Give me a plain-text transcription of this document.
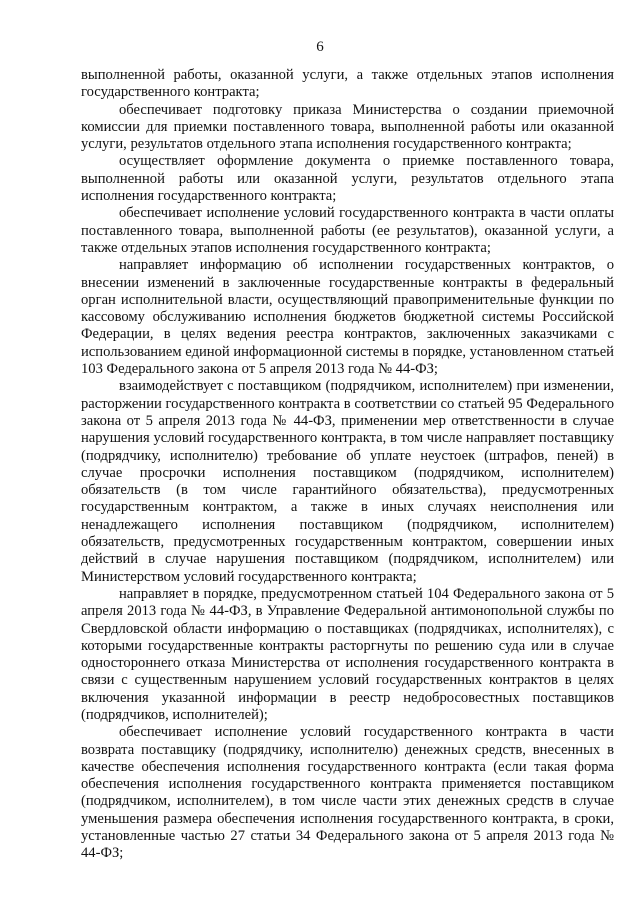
6

выполненной работы, оказанной услуги, а также отдельных этапов исполнения государственного контракта;

обеспечивает подготовку приказа Министерства о создании приемочной комиссии для приемки поставленного товара, выполненной работы или оказанной услуги, результатов отдельного этапа исполнения государственного контракта;

осуществляет оформление документа о приемке поставленного товара, выполненной работы или оказанной услуги, результатов отдельного этапа исполнения государственного контракта;

обеспечивает исполнение условий государственного контракта в части оплаты поставленного товара, выполненной работы (ее результатов), оказанной услуги, а также отдельных этапов исполнения государственного контракта;

направляет информацию об исполнении государственных контрактов, о внесении изменений в заключенные государственные контракты в федеральный орган исполнительной власти, осуществляющий правоприменительные функции по кассовому обслуживанию исполнения бюджетов бюджетной системы Российской Федерации, в целях ведения реестра контрактов, заключенных заказчиками с использованием единой информационной системы в порядке, установленном статьей 103 Федерального закона от 5 апреля 2013 года № 44-ФЗ;

взаимодействует с поставщиком (подрядчиком, исполнителем) при изменении, расторжении государственного контракта в соответствии со статьей 95 Федерального закона от 5 апреля 2013 года № 44-ФЗ, применении мер ответственности в случае нарушения условий государственного контракта, в том числе направляет поставщику (подрядчику, исполнителю) требование об уплате неустоек (штрафов, пеней) в случае просрочки исполнения поставщиком (подрядчиком, исполнителем) обязательств (в том числе гарантийного обязательства), предусмотренных государственным контрактом, а также в иных случаях неисполнения или ненадлежащего исполнения поставщиком (подрядчиком, исполнителем) обязательств, предусмотренных государственным контрактом, совершении иных действий в случае нарушения поставщиком (подрядчиком, исполнителем) или Министерством условий государственного контракта;

направляет в порядке, предусмотренном статьей 104 Федерального закона от 5 апреля 2013 года № 44-ФЗ, в Управление Федеральной антимонопольной службы по Свердловской области информацию о поставщиках (подрядчиках, исполнителях), с которыми государственные контракты расторгнуты по решению суда или в случае одностороннего отказа Министерства от исполнения государственного контракта в связи с существенным нарушением условий государственных контрактов в целях включения указанной информации в реестр недобросовестных поставщиков (подрядчиков, исполнителей);

обеспечивает исполнение условий государственного контракта в части возврата поставщику (подрядчику, исполнителю) денежных средств, внесенных в качестве обеспечения исполнения государственного контракта (если такая форма обеспечения исполнения государственного контракта применяется поставщиком (подрядчиком, исполнителем), в том числе части этих денежных средств в случае уменьшения размера обеспечения исполнения государственного контракта, в сроки, установленные частью 27 статьи 34 Федерального закона от 5 апреля 2013 года № 44-ФЗ;
